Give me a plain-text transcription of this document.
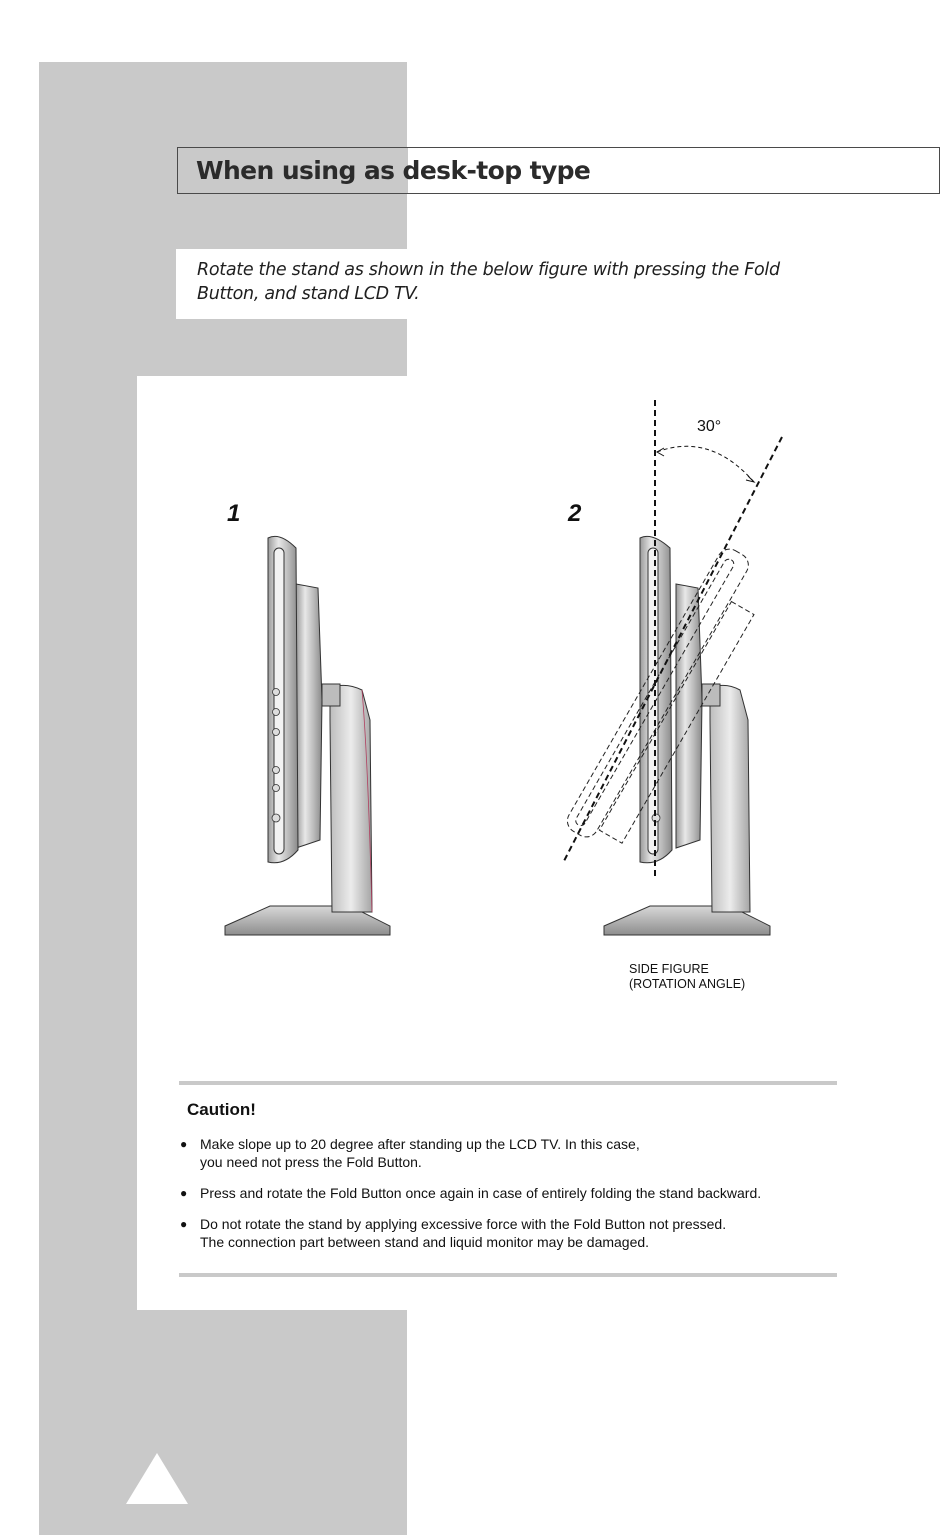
When using as desk-top type
Rotate the stand as shown in the below figure with pressing the Fold
Button, and stand LCD TV.
1	2
30°
SIDE FIGURE
(ROTATION ANGLE)
Caution!
● Make slope up to 20 degree after standing up the LCD TV. In this case,
you need not press the Fold Button.
● Press and rotate the Fold Button once again in case of entirely folding the stand backward.
● Do not rotate the stand by applying excessive force with the Fold Button not pressed.
The connection part between stand and liquid monitor may be damaged.
